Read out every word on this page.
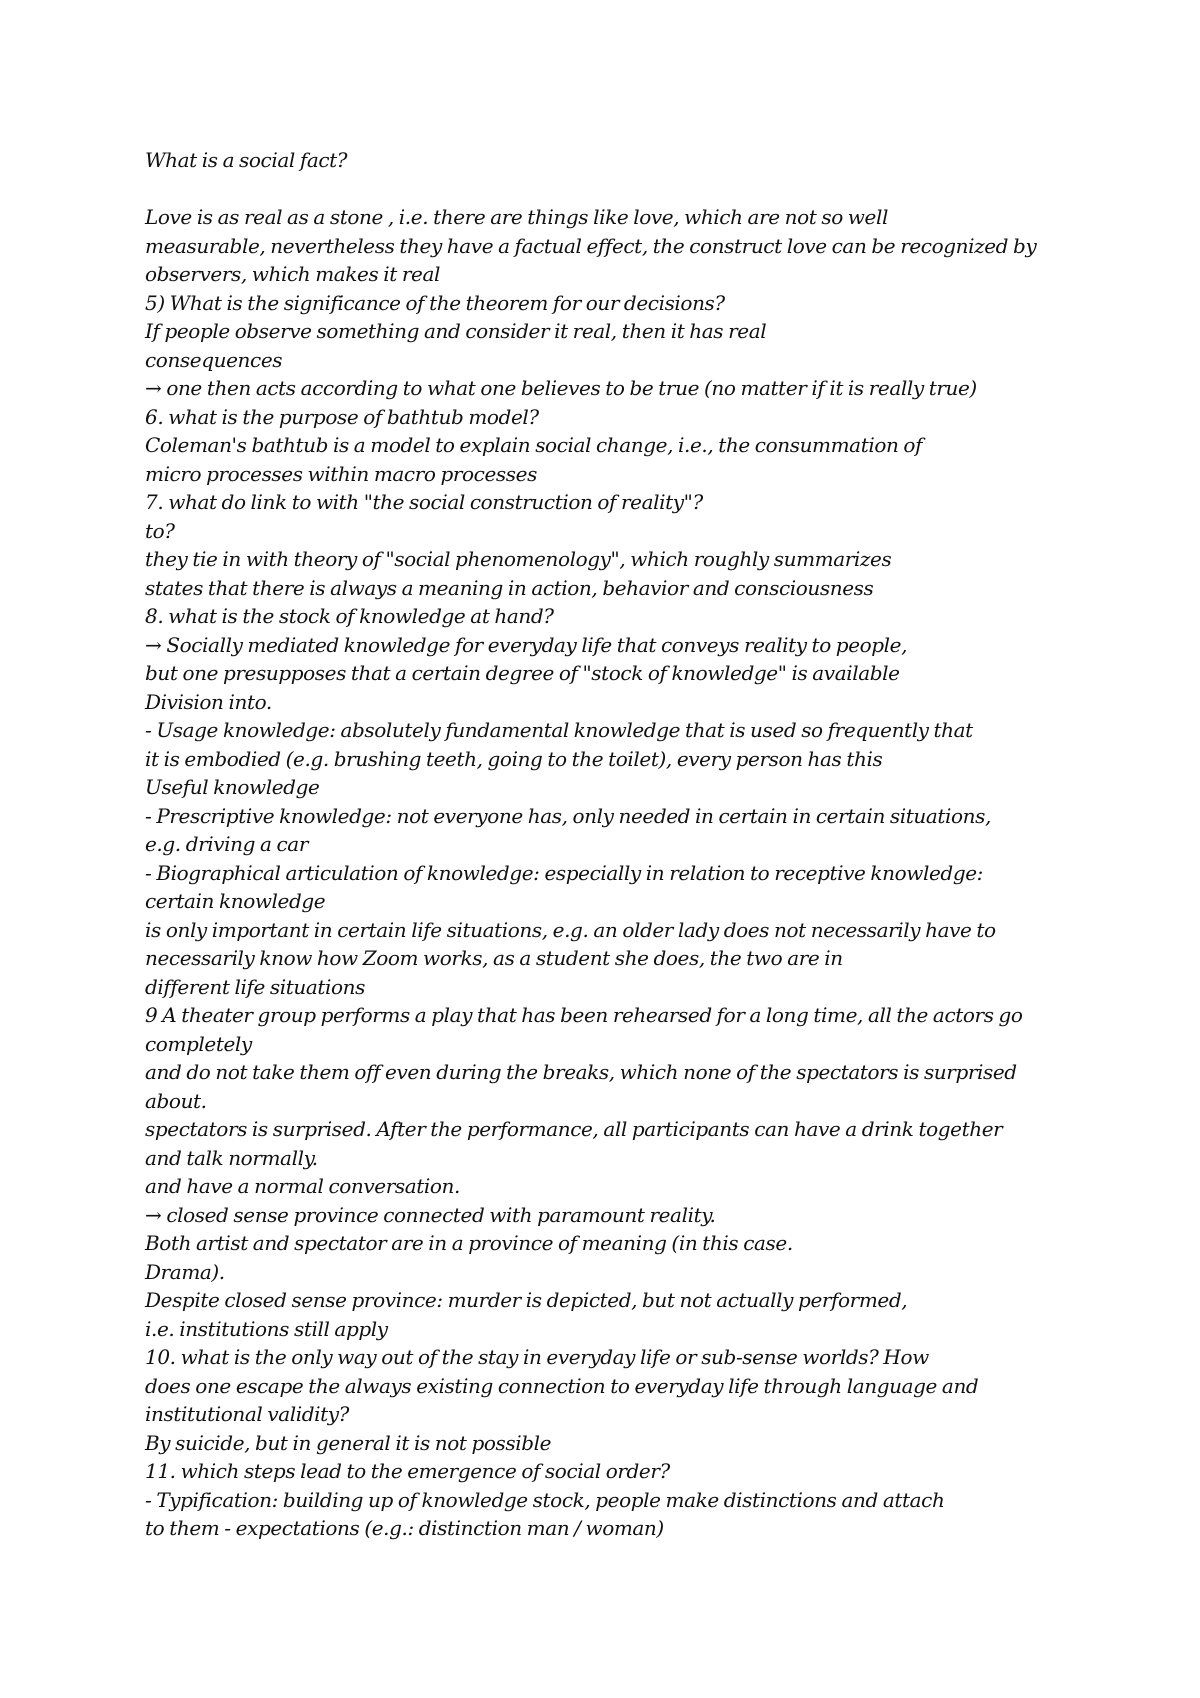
What is a social fact?
Love is as real as a stone , i.e. there are things like love, which are not so well
measurable, nevertheless they have a factual effect, the construct love can be recognized by
observers, which makes it real
5) What is the significance of the theorem for our decisions?
If people observe something and consider it real, then it has real
consequences
→ one then acts according to what one believes to be true (no matter if it is really true)
6. what is the purpose of bathtub model?
Coleman's bathtub is a model to explain social change, i.e., the consummation of
micro processes within macro processes
7. what do link to with "the social construction of reality"?
to?
they tie in with theory of "social phenomenology", which roughly summarizes
states that there is always a meaning in action, behavior and consciousness
8. what is the stock of knowledge at hand?
→ Socially mediated knowledge for everyday life that conveys reality to people,
but one presupposes that a certain degree of "stock of knowledge" is available
Division into.
- Usage knowledge: absolutely fundamental knowledge that is used so frequently that
it is embodied (e.g. brushing teeth, going to the toilet), every person has this
Useful knowledge
- Prescriptive knowledge: not everyone has, only needed in certain in certain situations,
e.g. driving a car
- Biographical articulation of knowledge: especially in relation to receptive knowledge:
certain knowledge
is only important in certain life situations, e.g. an older lady does not necessarily have to
necessarily know how Zoom works, as a student she does, the two are in
different life situations
9 A theater group performs a play that has been rehearsed for a long time, all the actors go
completely
and do not take them off even during the breaks, which none of the spectators is surprised
about.
spectators is surprised. After the performance, all participants can have a drink together
and talk normally.
and have a normal conversation.
→ closed sense province connected with paramount reality.
Both artist and spectator are in a province of meaning (in this case.
Drama).
Despite closed sense province: murder is depicted, but not actually performed,
i.e. institutions still apply
10. what is the only way out of the stay in everyday life or sub-sense worlds? How
does one escape the always existing connection to everyday life through language and
institutional validity?
By suicide, but in general it is not possible
11. which steps lead to the emergence of social order?
- Typification: building up of knowledge stock, people make distinctions and attach
to them - expectations (e.g.: distinction man / woman)
